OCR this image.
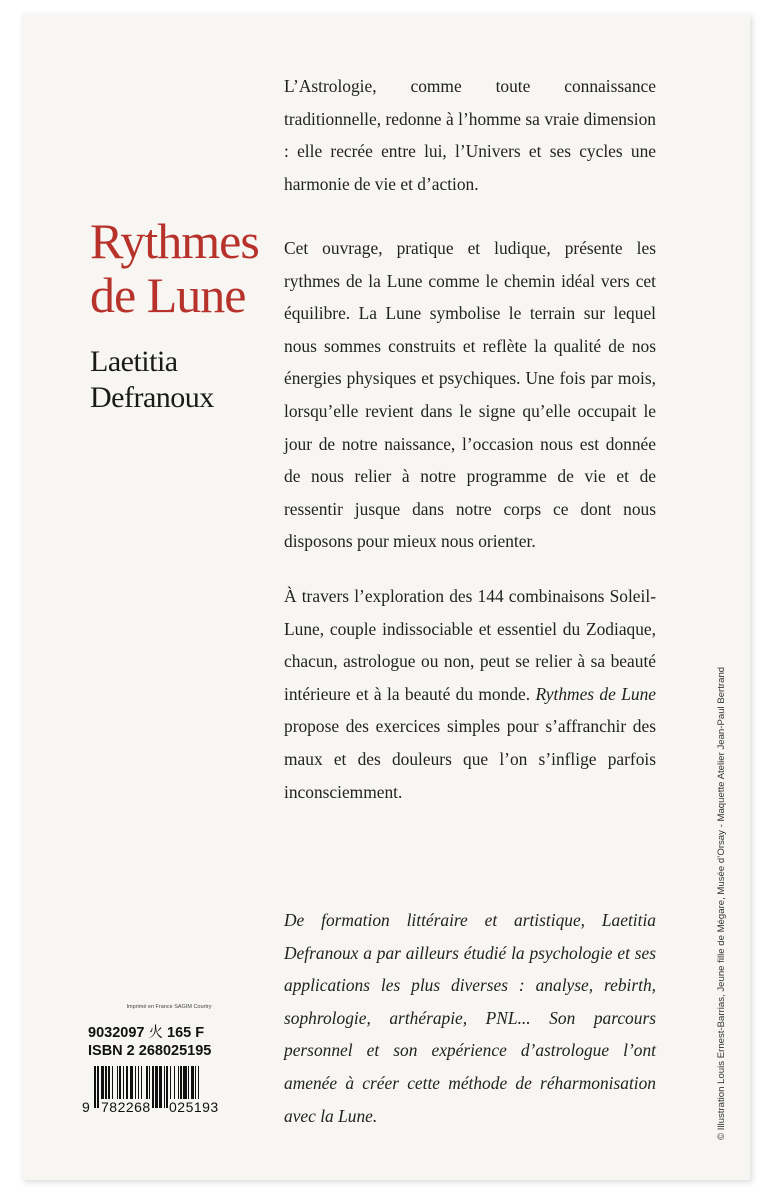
Rythmes
de Lune
Laetitia
Defranoux

L’Astrologie, comme toute connaissance traditionnelle, redonne à l’homme sa vraie dimension : elle recrée entre lui, l’Univers et ses cycles une harmonie de vie et d’action.

Cet ouvrage, pratique et ludique, présente les rythmes de la Lune comme le chemin idéal vers cet équilibre. La Lune symbolise le terrain sur lequel nous sommes construits et reflète la qualité de nos énergies physiques et psychiques. Une fois par mois, lorsqu’elle revient dans le signe qu’elle occupait le jour de notre naissance, l’occasion nous est donnée de nous relier à notre programme de vie et de ressentir jusque dans notre corps ce dont nous disposons pour mieux nous orienter.

À travers l’exploration des 144 combinaisons Soleil-Lune, couple indissociable et essentiel du Zodiaque, chacun, astrologue ou non, peut se relier à sa beauté intérieure et à la beauté du monde. Rythmes de Lune propose des exercices simples pour s’affranchir des maux et des douleurs que l’on s’inflige parfois inconsciemment.

De formation littéraire et artistique, Laetitia Defranoux a par ailleurs étudié la psychologie et ses applications les plus diverses : analyse, rebirth, sophrologie, arthérapie, PNL... Son parcours personnel et son expérience d’astrologue l’ont amenée à créer cette méthode de réharmonisation avec la Lune.	© Illustration Louis Ernest-Barrias, Jeune fille de Mégare, Musée d’Orsay - Maquette Atelier Jean-Paul Bertrand
Imprimé en France SAGIM Courtry
9032097 ⽕ 165 F
ISBN 2 268025195
9 782268 025193
